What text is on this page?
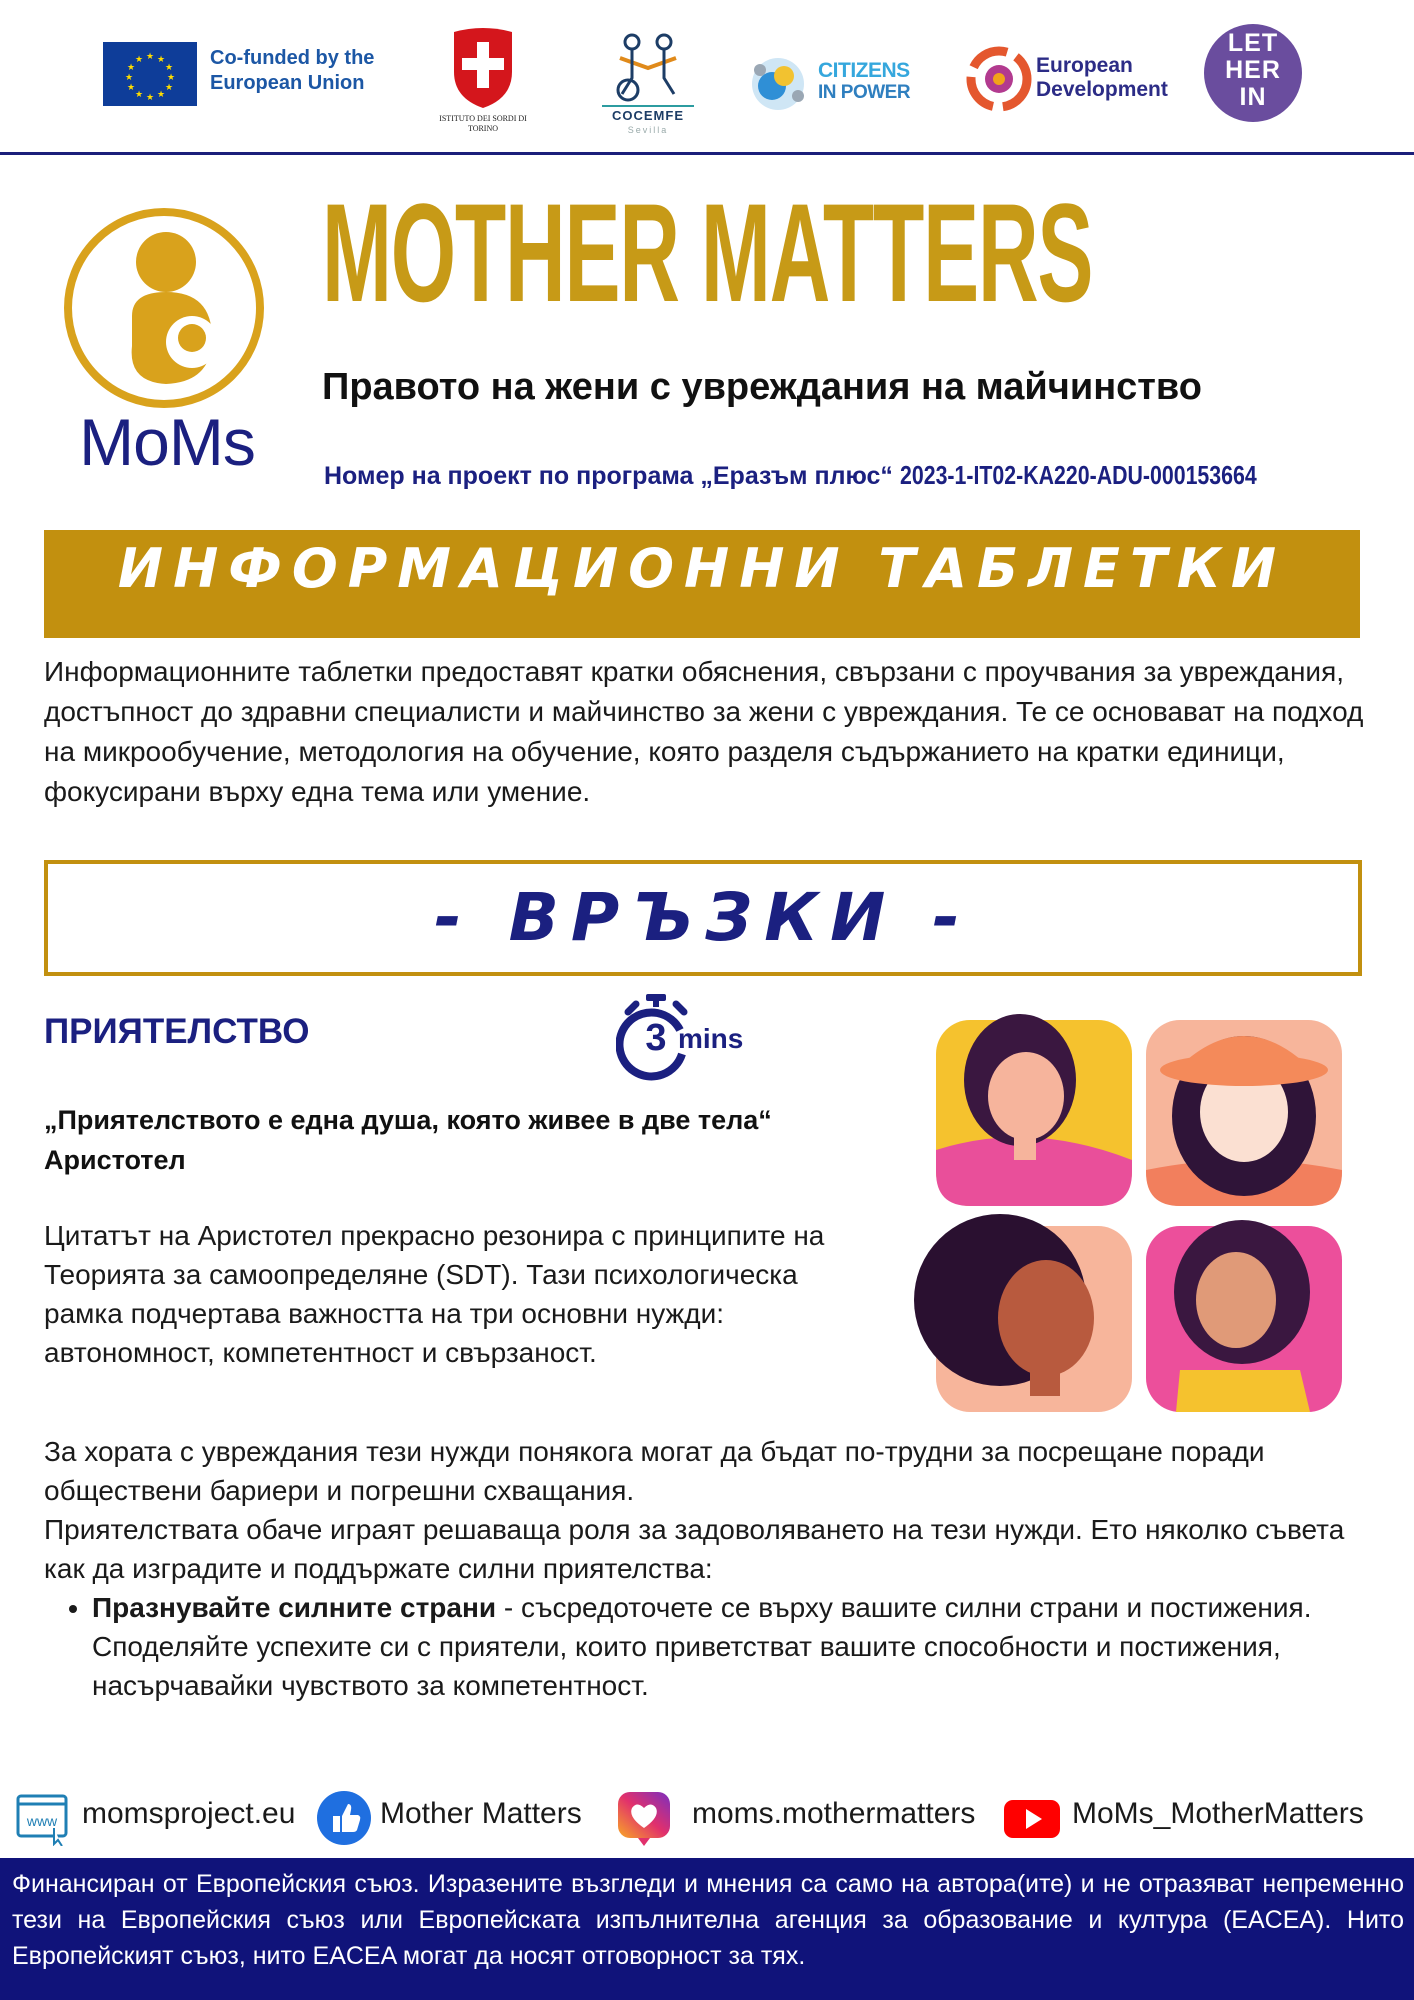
★ ★
★
★
★
★
★
★
★
★
★
★	Co-funded by the European Union
ISTITUTO DEI SORDI DI TORINO
COCEMFE
Sevilla
CITIZENS
IN POWER
European Development
LET HER IN
MoMs
MOTHER MATTERS
Правото на жени с увреждания на майчинство
Номер на проект по програма „Еразъм плюс“ 2023-1-IT02-KA220-ADU-000153664
ИНФОРМАЦИОННИ ТАБЛЕТКИ
Информационните таблетки предоставят кратки обяснения, свързани с проучвания за увреждания, достъпност до здравни специалисти и майчинство за жени с увреждания. Те се основават на подход на микрообучение, методология на обучение, която разделя съдържанието на кратки единици, фокусирани върху една тема или умение.
- ВРЪЗКИ -
ПРИЯТЕЛСТВО	3 mins
„Приятелството е една душа, която живее в две тела“
Аристотел
Цитатът на Аристотел прекрасно резонира с принципите на Теорията за самоопределяне (SDT). Тази психологическа рамка подчертава важността на три основни нужди: автономност, компетентност и свързаност.
За хората с увреждания тези нужди понякога могат да бъдат по-трудни за посрещане поради обществени бариери и погрешни схващания.
Приятелствата обаче играят решаваща роля за задоволяването на тези нужди. Ето няколко съвета как да изградите и поддържате силни приятелства:
• Празнувайте силните страни - съсредоточете се върху вашите силни страни и постижения. Споделяйте успехите си с приятели, които приветстват вашите способности и постижения, насърчавайки чувството за компетентност.
www momsproject.eu	Mother Matters	moms.mothermatters	MoMs_MotherMatters
Финансиран от Европейския съюз. Изразените възгледи и мнения са само на автора(ите) и не отразяват непременно тези на Европейския съюз или Европейската изпълнителна агенция за образование и култура (EACEA). Нито Европейският съюз, нито EACEA могат да носят отговорност за тях.
